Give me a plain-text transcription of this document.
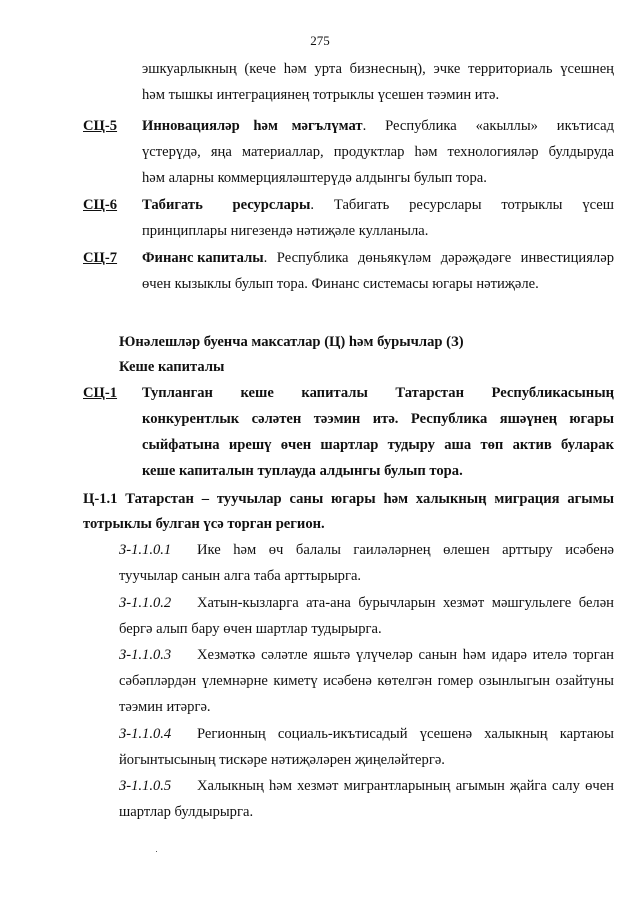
275
эшкуарлыкның (кече һәм урта бизнесның), эчке территориаль үсешнең
һәм тышкы интеграциянең тотрыклы үсешен тәэмин итә.
СЦ-5 Инновацияләр һәм мәгълүмат . Республика «акыллы» икътисад
үстерүдә, яңа материаллар, продуктлар һәм технологияләр булдыруда
һәм аларны коммерцияләштерүдә алдынгы булып тора.
СЦ-6 Табигать ресурслары . Табигать ресурслары тотрыклы үсеш
принциплары нигезендә нәтиҗәле кулланыла.
СЦ-7 Финанс капиталы . Республика дөньякүләм дәрәҗәдәге инвестицияләр
өчен кызыклы булып тора. Финанс системасы югары нәтиҗәле.
Юнәлешләр буенча максатлар (Ц) һәм бурычлар (З)
Кеше капиталы
СЦ-1 Тупланган кеше капиталы Татарстан Республикасының
конкурентлык сәләтен тәэмин итә. Республика яшәүнең югары
сыйфатына ирешү өчен шартлар тудыру аша төп актив буларак
кеше капиталын туплауда алдынгы булып тора.
Ц-1.1 Татарстан – туучылар саны югары һәм халыкның миграция агымы
тотрыклы булган үсә торган регион.
З-1.1.0.1 Ике һәм өч балалы гаиләләрнең өлешен арттыру исәбенә
туучылар санын алга таба арттырырга.
З-1.1.0.2 Хатын-кызларга ата-ана бурычларын хезмәт мәшгульлеге белән
бергә алып бару өчен шартлар тудырырга.
З-1.1.0.3 Хезмәткә сәләтле яшьтә үлүчеләр санын һәм идарә ителә торган
сәбәпләрдән үлемнәрне киметү исәбенә көтелгән гомер озынлыгын озайтуны
тәэмин итәргә.
З-1.1.0.4 Регионның социаль-икътисадый үсешенә халыкның картаюы
йогынтысының тискәре нәтиҗәләрен җиңеләйтергә.
З-1.1.0.5 Халыкның һәм хезмәт мигрантларының агымын җайга салу өчен
шартлар булдырырга.
